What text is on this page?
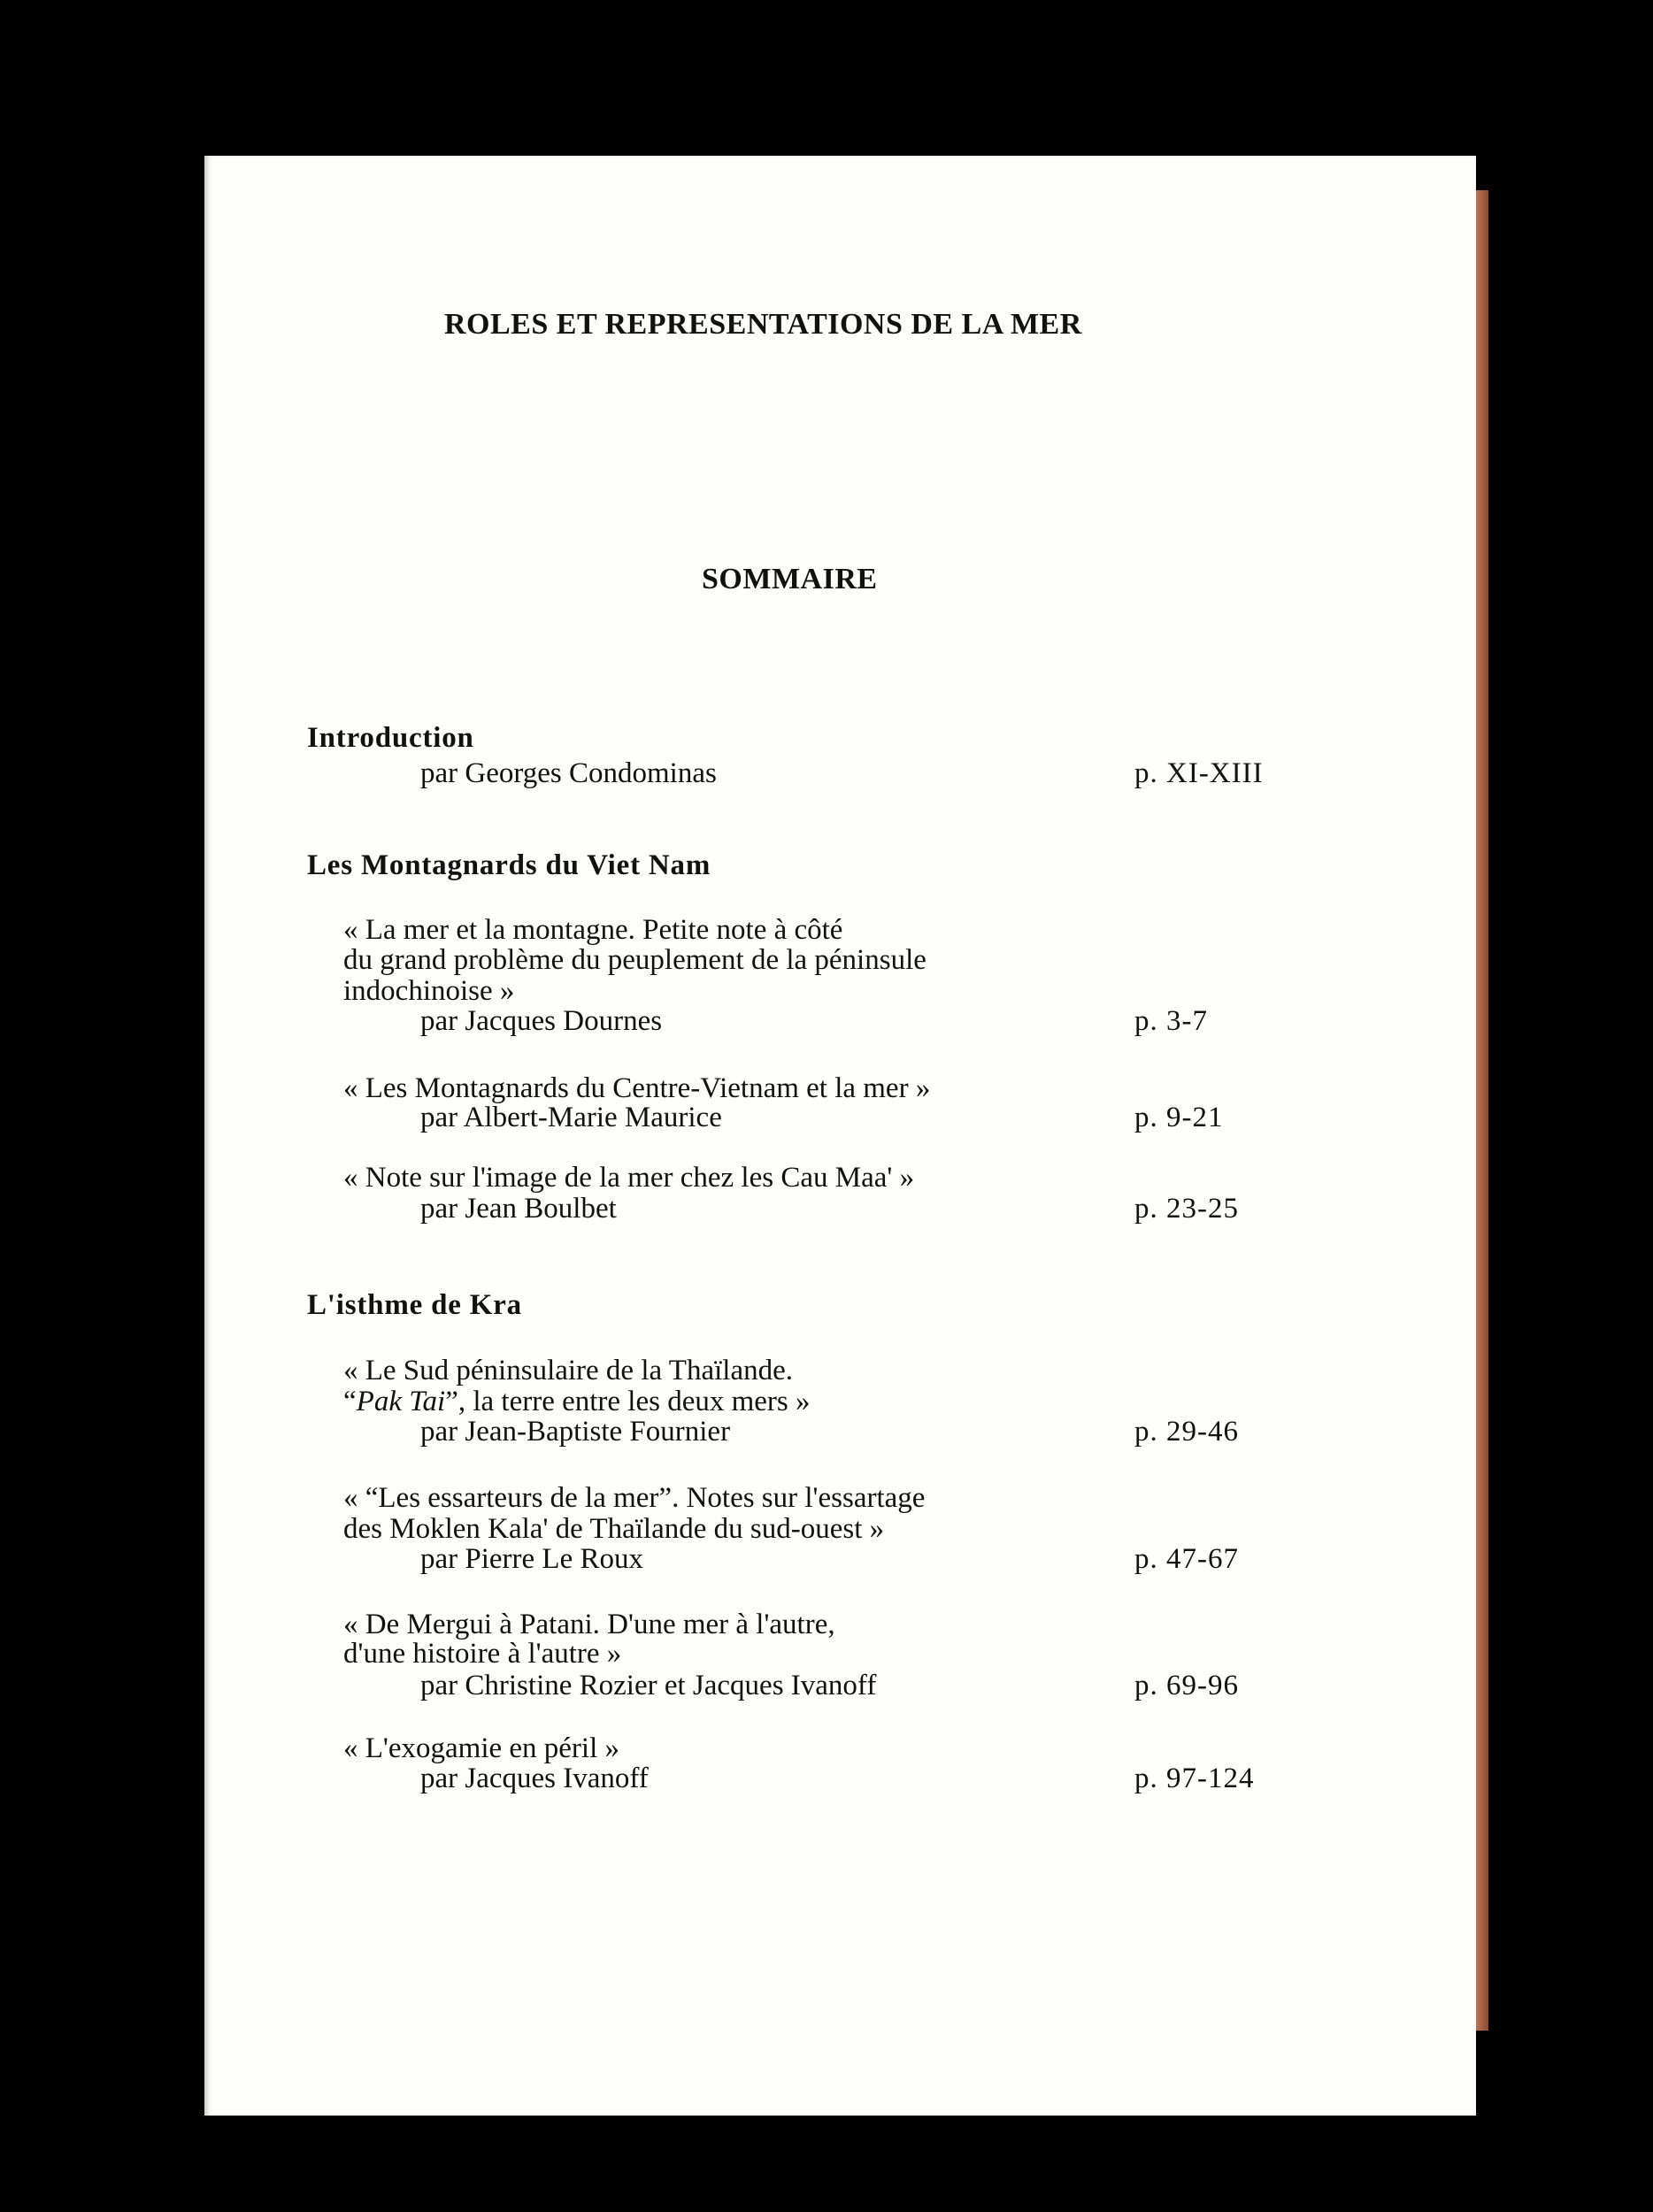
ROLES ET REPRESENTATIONS DE LA MER
SOMMAIRE
Introduction
par Georges Condominas	p. XI-XIII
Les Montagnards du Viet Nam
« La mer et la montagne. Petite note à côté
du grand problème du peuplement de la péninsule
indochinoise »
par Jacques Dournes	p. 3-7
« Les Montagnards du Centre-Vietnam et la mer »
par Albert-Marie Maurice	p. 9-21
« Note sur l'image de la mer chez les Cau Maa' »
par Jean Boulbet	p. 23-25
L'isthme de Kra
« Le Sud péninsulaire de la Thaïlande.
“Pak Tai”, la terre entre les deux mers »
par Jean-Baptiste Fournier	p. 29-46
« “Les essarteurs de la mer”. Notes sur l'essartage
des Moklen Kala' de Thaïlande du sud-ouest »
par Pierre Le Roux	p. 47-67
« De Mergui à Patani. D'une mer à l'autre,
d'une histoire à l'autre »
par Christine Rozier et Jacques Ivanoff	p. 69-96
« L'exogamie en péril »
par Jacques Ivanoff	p. 97-124
